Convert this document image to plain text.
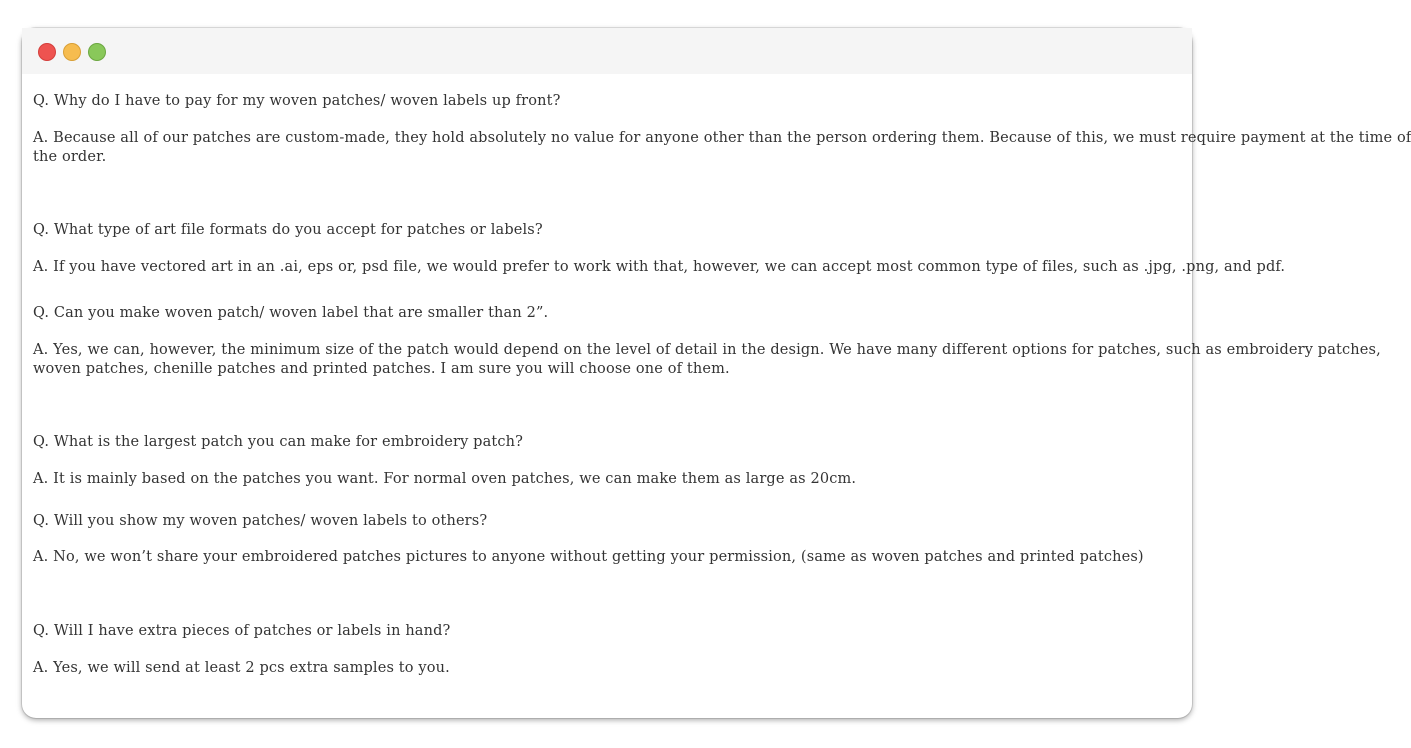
Q. Why do I have to pay for my woven patches/ woven labels up front?

A. Because all of our patches are custom-made, they hold absolutely no value for anyone other than the person ordering them. Because of this, we must require payment at the time of

the order.

Q. What type of art file formats do you accept for patches or labels?

A. If you have vectored art in an .ai, eps or, psd file, we would prefer to work with that, however, we can accept most common type of files, such as .jpg, .png, and pdf.

Q. Can you make woven patch/ woven label that are smaller than 2”.

A. Yes, we can, however, the minimum size of the patch would depend on the level of detail in the design. We have many different options for patches, such as embroidery patches,

woven patches, chenille patches and printed patches. I am sure you will choose one of them.

Q. What is the largest patch you can make for embroidery patch?

A. It is mainly based on the patches you want. For normal oven patches, we can make them as large as 20cm.

Q. Will you show my woven patches/ woven labels to others?

A. No, we won’t share your embroidered patches pictures to anyone without getting your permission, (same as woven patches and printed patches)

Q. Will I have extra pieces of patches or labels in hand?

A. Yes, we will send at least 2 pcs extra samples to you.
